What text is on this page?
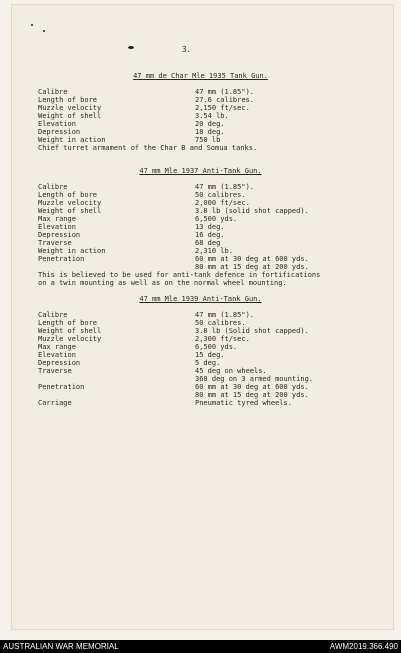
3.
47 mm de Char Mle 1935 Tank Gun.
Calibre	47 mm (1.85").
Length of bore	27.6 calibres.
Muzzle velocity	2,150 ft/sec.
Weight of shell	3.54 lb.
Elevation	20 deg.
Depression	18 deg.
Weight in action	750 lb
Chief turret armament of the Char B and Somua tanks.
47 mm Mle 1937 Anti-Tank Gun.
Calibre	47 mm (1.85").
Length of bore	50 calibres.
Muzzle velocity	2,000 ft/sec.
Weight of shell	3.8 lb (solid shot capped).
Max range	6,500 yds.
Elevation	13 deg.
Depression	16 deg.
Traverse	68 deg
Weight in action	2,310 lb.
Penetration	60 mm at 30 deg at 600 yds.
80 mm at 15 deg at 200 yds.
This is believed to be used for anti-tank defence in fortifications
on a twin mounting as well as on the normal wheel mounting.
47 mm Mle 1939 Anti-Tank Gun.
Calibre	47 mm (1.85").
Length of bore	50 calibres.
Weight of shell	3.8 lb (Solid shot capped).
Muzzle velocity	2,300 ft/sec.
Max range	6,500 yds.
Elevation	15 deg.
Depression	5 deg.
Traverse	45 deg on wheels.
360 deg on 3 armed mounting.
Penetration	60 mm at 30 deg at 600 yds.
80 mm at 15 deg at 200 yds.
Carriage	Pneumatic tyred wheels.
AUSTRALIAN WAR MEMORIAL	AWM2019.366.490
